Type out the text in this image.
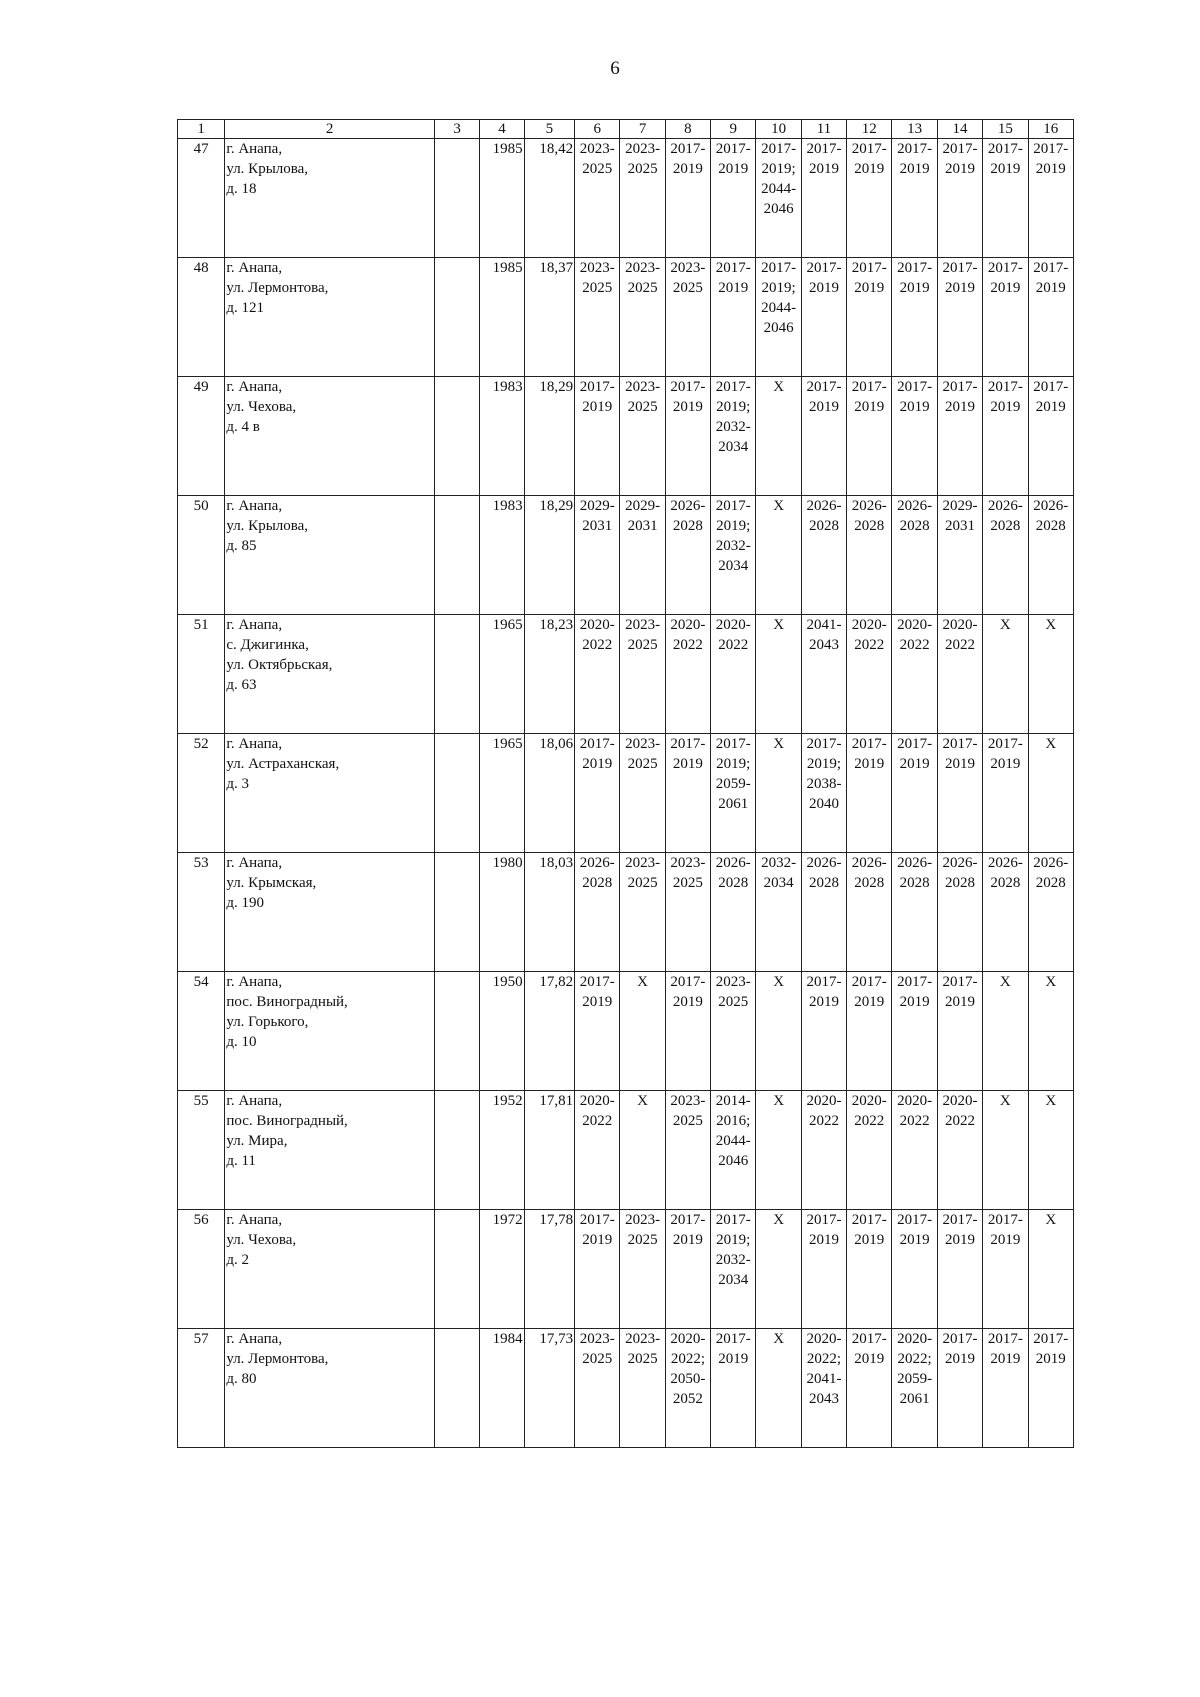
6
1	2	3	4	5	6	7	8	9	10	11	12	13	14	15	16
47	г. Анапа,
ул. Крылова,
д. 18		1985	18,42	2023-
2025	2023-
2025	2017-
2019	2017-
2019	2017-
2019;
2044-
2046	2017-
2019	2017-
2019	2017-
2019	2017-
2019	2017-
2019	2017-
2019
48	г. Анапа,
ул. Лермонтова,
д. 121		1985	18,37	2023-
2025	2023-
2025	2023-
2025	2017-
2019	2017-
2019;
2044-
2046	2017-
2019	2017-
2019	2017-
2019	2017-
2019	2017-
2019	2017-
2019
49	г. Анапа,
ул. Чехова,
д. 4 в		1983	18,29	2017-
2019	2023-
2025	2017-
2019	2017-
2019;
2032-
2034	Х	2017-
2019	2017-
2019	2017-
2019	2017-
2019	2017-
2019	2017-
2019
50	г. Анапа,
ул. Крылова,
д. 85		1983	18,29	2029-
2031	2029-
2031	2026-
2028	2017-
2019;
2032-
2034	Х	2026-
2028	2026-
2028	2026-
2028	2029-
2031	2026-
2028	2026-
2028
51	г. Анапа,
с. Джигинка,
ул. Октябрьская,
д. 63		1965	18,23	2020-
2022	2023-
2025	2020-
2022	2020-
2022	Х	2041-
2043	2020-
2022	2020-
2022	2020-
2022	Х	Х
52	г. Анапа,
ул. Астраханская,
д. 3		1965	18,06	2017-
2019	2023-
2025	2017-
2019	2017-
2019;
2059-
2061	Х	2017-
2019;
2038-
2040	2017-
2019	2017-
2019	2017-
2019	2017-
2019	Х
53	г. Анапа,
ул. Крымская,
д. 190		1980	18,03	2026-
2028	2023-
2025	2023-
2025	2026-
2028	2032-
2034	2026-
2028	2026-
2028	2026-
2028	2026-
2028	2026-
2028	2026-
2028
54	г. Анапа,
пос. Виноградный,
ул. Горького,
д. 10		1950	17,82	2017-
2019	Х	2017-
2019	2023-
2025	Х	2017-
2019	2017-
2019	2017-
2019	2017-
2019	Х	Х
55	г. Анапа,
пос. Виноградный,
ул. Мира,
д. 11		1952	17,81	2020-
2022	Х	2023-
2025	2014-
2016;
2044-
2046	Х	2020-
2022	2020-
2022	2020-
2022	2020-
2022	Х	Х
56	г. Анапа,
ул. Чехова,
д. 2		1972	17,78	2017-
2019	2023-
2025	2017-
2019	2017-
2019;
2032-
2034	Х	2017-
2019	2017-
2019	2017-
2019	2017-
2019	2017-
2019	Х
57	г. Анапа,
ул. Лермонтова,
д. 80		1984	17,73	2023-
2025	2023-
2025	2020-
2022;
2050-
2052	2017-
2019	Х	2020-
2022;
2041-
2043	2017-
2019	2020-
2022;
2059-
2061	2017-
2019	2017-
2019	2017-
2019
